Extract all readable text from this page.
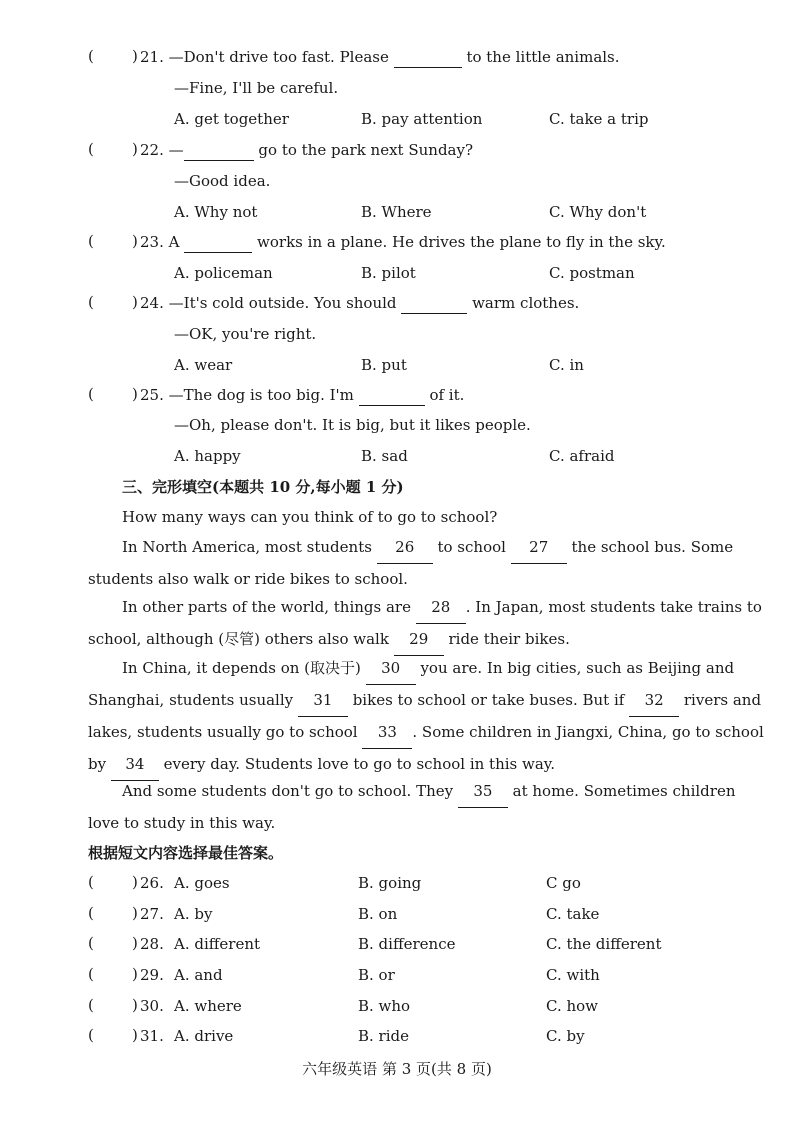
(	) 21. —Don't drive too fast. Please	to the little animals.
—Fine, I'll be careful.
A. get together	B. pay attention	C. take a trip
(	) 22. —	go to the park next Sunday?
—Good idea.
A. Why not	B. Where	C. Why don't
(	) 23. A	works in a plane. He drives the plane to fly in the sky.
A. policeman	B. pilot	C. postman
(	) 24. —It's cold outside. You should	warm clothes.
—OK, you're right.
A. wear	B. put	C. in
(	) 25. —The dog is too big. I'm	of it.
—Oh, please don't. It is big, but it likes people.
A. happy	B. sad	C. afraid
三、完形填空(本题共 10 分,每小题 1 分)
How many ways can you think of to go to school?
In North America, most students 26 to school 27 the school bus. Some students also walk or ride bikes to school.
In other parts of the world, things are 28 . In Japan, most students take trains to school, although (尽管) others also walk 29 ride their bikes.
In China, it depends on (取决于) 30 you are. In big cities, such as Beijing and Shanghai, students usually 31 bikes to school or take buses. But if 32 rivers and lakes, students usually go to school 33 . Some children in Jiangxi, China, go to school by 34 every day. Students love to go to school in this way.
And some students don't go to school. They 35 at home. Sometimes children love to study in this way.
根据短文内容选择最佳答案。
(	) 26. A. goes	B. going	C go
(	) 27. A. by	B. on	C. take
(	) 28. A. different	B. difference	C. the different
(	) 29. A. and	B. or	C. with
(	) 30. A. where	B. who	C. how
(	) 31. A. drive	B. ride	C. by
六年级英语 第 3 页(共 8 页)
